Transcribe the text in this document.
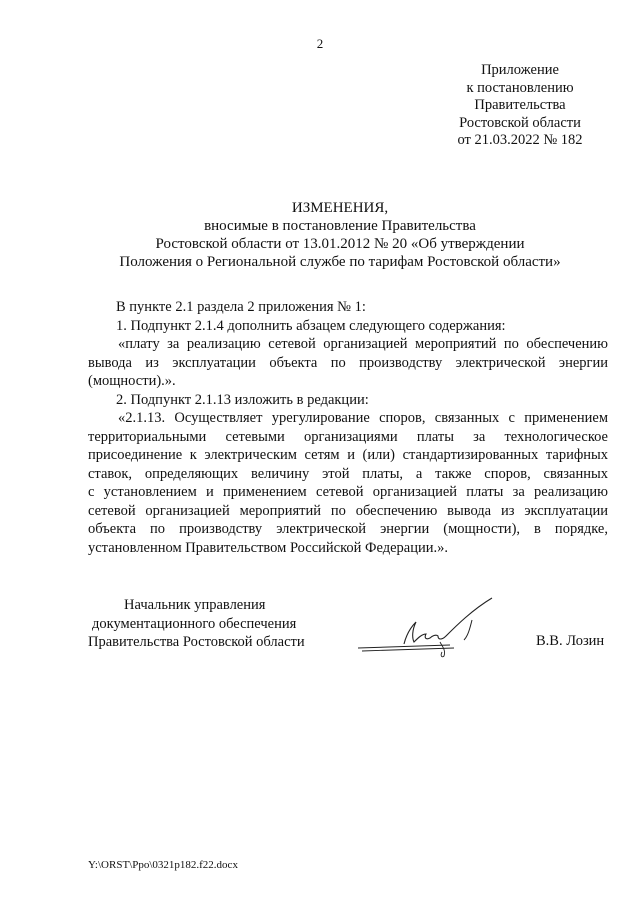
2
Приложение
к постановлению
Правительства
Ростовской области
от 21.03.2022 № 182
ИЗМЕНЕНИЯ,
вносимые в постановление Правительства
Ростовской области от 13.01.2012 № 20 «Об утверждении
Положения о Региональной службе по тарифам Ростовской области»
В пункте 2.1 раздела 2 приложения № 1:
1. Подпункт 2.1.4 дополнить абзацем следующего содержания:
«плату за реализацию сетевой организацией мероприятий по обеспечению
вывода из эксплуатации объекта по производству электрической энергии
(мощности).».
2. Подпункт 2.1.13 изложить в редакции:
«2.1.13. Осуществляет урегулирование споров, связанных с применением
территориальными сетевыми организациями платы за технологическое
присоединение к электрическим сетям и (или) стандартизированных тарифных
ставок, определяющих величину этой платы, а также споров, связанных
с установлением и применением сетевой организацией платы за реализацию
сетевой организацией мероприятий по обеспечению вывода из эксплуатации
объекта по производству электрической энергии (мощности), в порядке,
установленном Правительством Российской Федерации.».
Начальник управления
документационного обеспечения
Правительства Ростовской области	В.В. Лозин
Y:\ORST\Ppo\0321p182.f22.docx
